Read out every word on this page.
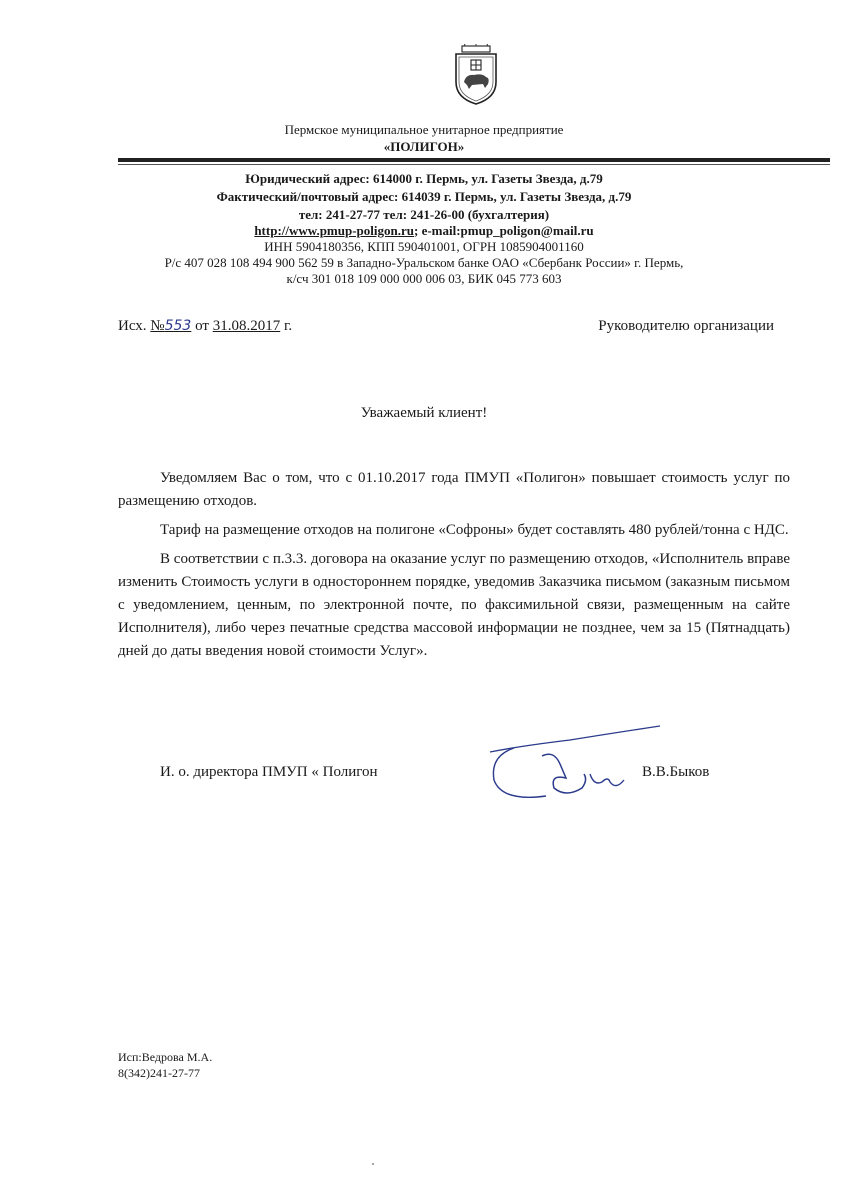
Пермское муниципальное унитарное предприятие
«ПОЛИГОН»
Юридический адрес: 614000 г. Пермь, ул. Газеты Звезда, д.79
Фактический/почтовый адрес: 614039 г. Пермь, ул. Газеты Звезда, д.79
тел: 241-27-77 тел: 241-26-00 (бухгалтерия)
http://www.pmup-poligon.ru; e-mail:pmup_poligon@mail.ru
ИНН 5904180356, КПП 590401001, ОГРН 1085904001160
Р/с 407 028 108 494 900 562 59 в Западно-Уральском банке ОАО «Сбербанк России» г. Пермь,
к/сч 301 018 109 000 000 006 03, БИК 045 773 603
Исх. №553 от 31.08.2017 г.	Руководителю организации
Уважаемый клиент!

Уведомляем Вас о том, что с 01.10.2017 года ПМУП «Полигон» повышает стоимость услуг по размещению отходов.

Тариф на размещение отходов на полигоне «Софроны» будет составлять 480 рублей/тонна с НДС.

В соответствии с п.3.3. договора на оказание услуг по размещению отходов, «Исполнитель вправе изменить Стоимость услуги в одностороннем порядке, уведомив Заказчика письмом (заказным письмом с уведомлением, ценным, по электронной почте, по факсимильной связи, размещенным на сайте Исполнителя), либо через печатные средства массовой информации не позднее, чем за 15 (Пятнадцать) дней до даты введения новой стоимости Услуг».

И. о. директора ПМУП « Полигон	В.В.Быков
Исп:Ведрова М.А.
8(342)241-27-77
